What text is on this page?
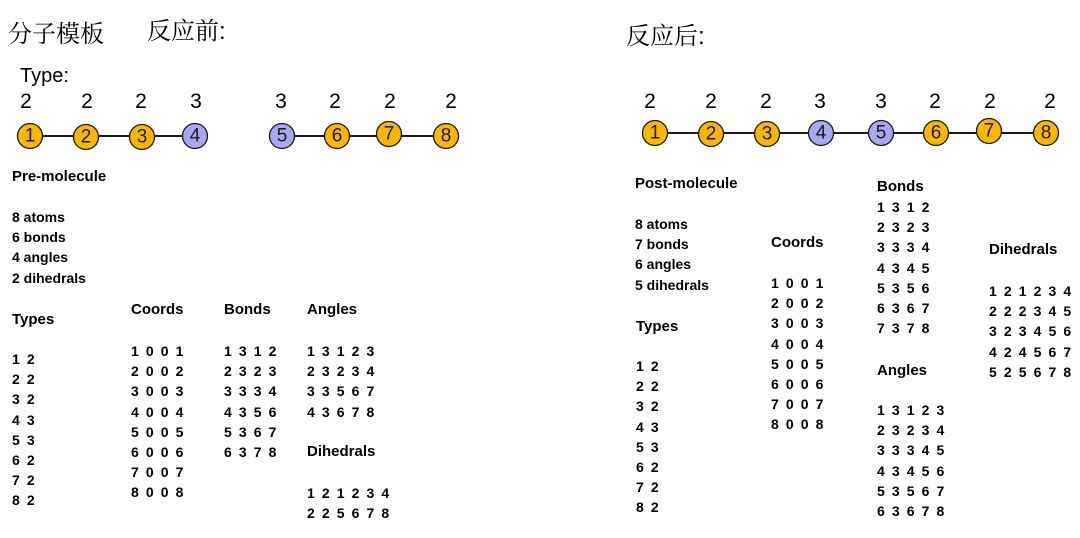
分子模板 反应前:	反应后:
Type:
2	2	2	3	3	2	2	2	2	2	2	3	3	2	2	2
1 2 3 4	5 6 7 8	1 2 3 4	5 6 7 8
Pre-molecule
8 atoms
6 bonds
4 angles
2 dihedrals
Types
1 2
2 2
3 2
4 3
5 3
6 2
7 2
8 2
Coords
1 0 0 1
2 0 0 2
3 0 0 3
4 0 0 4
5 0 0 5
6 0 0 6
7 0 0 7
8 0 0 8
Bonds
1 3 1 2
2 3 2 3
3 3 3 4
4 3 5 6
5 3 6 7
6 3 7 8
Angles
1 3 1 2 3
2 3 2 3 4
3 3 5 6 7
4 3 6 7 8
Dihedrals
1 2 1 2 3 4
2 2 5 6 7 8
Post-molecule
8 atoms
7 bonds
6 angles
5 dihedrals
Types
1 2
2 2
3 2
4 3
5 3
6 2
7 2
8 2
Coords
1 0 0 1
2 0 0 2
3 0 0 3
4 0 0 4
5 0 0 5
6 0 0 6
7 0 0 7
8 0 0 8
Bonds
1 3 1 2
2 3 2 3
3 3 3 4
4 3 4 5
5 3 5 6
6 3 6 7
7 3 7 8
Angles
1 3 1 2 3
2 3 2 3 4
3 3 3 4 5
4 3 4 5 6
5 3 5 6 7
6 3 6 7 8
Dihedrals
1 2 1 2 3 4
2 2 2 3 4 5
3 2 3 4 5 6
4 2 4 5 6 7
5 2 5 6 7 8
